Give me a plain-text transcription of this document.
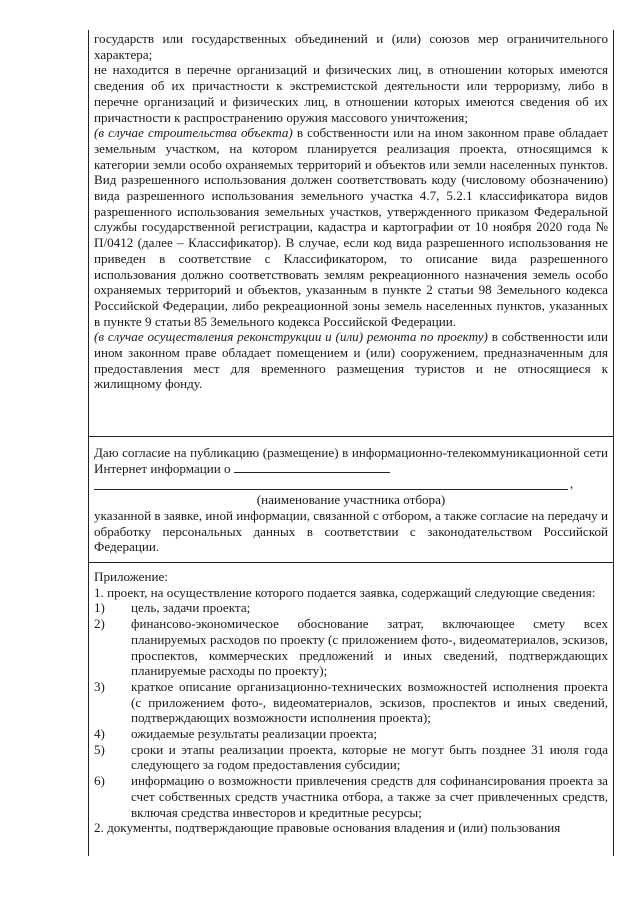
государств или государственных объединений и (или) союзов мер ограничительного характера;

не находится в перечне организаций и физических лиц, в отношении которых имеются сведения об их причастности к экстремистской деятельности или терроризму, либо в перечне организаций и физических лиц, в отношении которых имеются сведения об их причастности к распространению оружия массового уничтожения;

(в случае строительства объекта) в собственности или на ином законном праве обладает земельным участком, на котором планируется реализация проекта, относящимся к категории земли особо охраняемых территорий и объектов или земли населенных пунктов. Вид разрешенного использования должен соответствовать коду (числовому обозначению) вида разрешенного использования земельного участка 4.7, 5.2.1 классификатора видов разрешенного использования земельных участков, утвержденного приказом Федеральной службы государственной регистрации, кадастра и картографии от 10 ноября 2020 года № П/0412 (далее – Классификатор). В случае, если код вида разрешенного использования не приведен в соответствие с Классификатором, то описание вида разрешенного использования должно соответствовать землям рекреационного назначения земель особо охраняемых территорий и объектов, указанным в пункте 2 статьи 98 Земельного кодекса Российской Федерации, либо рекреационной зоны земель населенных пунктов, указанных в пункте 9 статьи 85 Земельного кодекса Российской Федерации.

(в случае осуществления реконструкции и (или) ремонта по проекту) в собственности или ином законном праве обладает помещением и (или) сооружением, предназначенным для предоставления мест для временного размещения туристов и не относящиеся к жилищному фонду.

Даю согласие на публикацию (размещение) в информационно-телекоммуникационной сети Интернет информации о

,

(наименование участника отбора)

указанной в заявке, иной информации, связанной с отбором, а также согласие на передачу и обработку персональных данных в соответствии с законодательством Российской Федерации.

Приложение:

1. проект, на осуществление которого подается заявка, содержащий следующие сведения:

1)	цель, задачи проекта;
2)	финансово-экономическое обоснование затрат, включающее смету всех планируемых расходов по проекту (с приложением фото-, видеоматериалов, эскизов, проспектов, коммерческих предложений и иных сведений, подтверждающих планируемые расходы по проекту);
3)	краткое описание организационно-технических возможностей исполнения проекта (с приложением фото-, видеоматериалов, эскизов, проспектов и иных сведений, подтверждающих возможности исполнения проекта);
4)	ожидаемые результаты реализации проекта;
5)	сроки и этапы реализации проекта, которые не могут быть позднее 31 июля года следующего за годом предоставления субсидии;
6)	информацию о возможности привлечения средств для софинансирования проекта за счет собственных средств участника отбора, а также за счет привлеченных средств, включая средства инвесторов и кредитные ресурсы;

2. документы, подтверждающие правовые основания владения и (или) пользования
